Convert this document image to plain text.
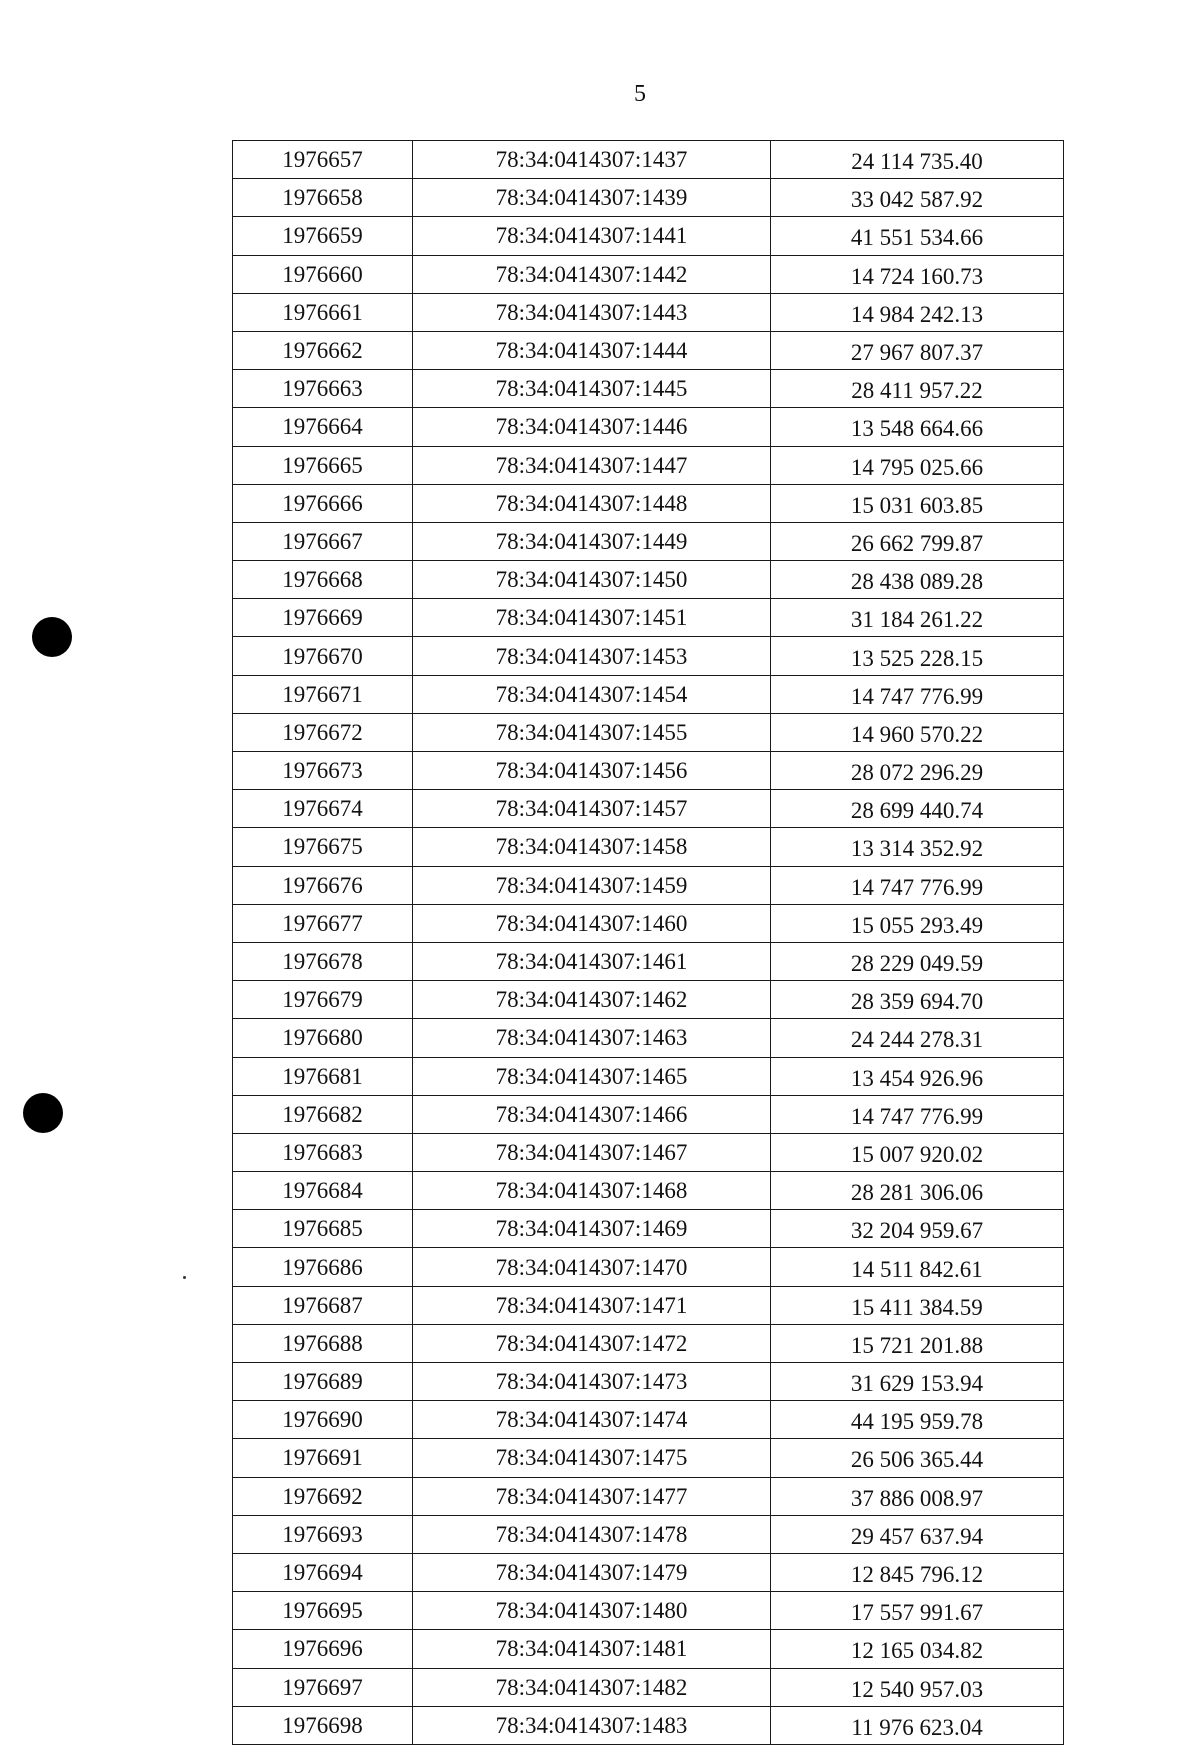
5
1976657	78:34:0414307:1437	24 114 735.40
1976658	78:34:0414307:1439	33 042 587.92
1976659	78:34:0414307:1441	41 551 534.66
1976660	78:34:0414307:1442	14 724 160.73
1976661	78:34:0414307:1443	14 984 242.13
1976662	78:34:0414307:1444	27 967 807.37
1976663	78:34:0414307:1445	28 411 957.22
1976664	78:34:0414307:1446	13 548 664.66
1976665	78:34:0414307:1447	14 795 025.66
1976666	78:34:0414307:1448	15 031 603.85
1976667	78:34:0414307:1449	26 662 799.87
1976668	78:34:0414307:1450	28 438 089.28
1976669	78:34:0414307:1451	31 184 261.22
1976670	78:34:0414307:1453	13 525 228.15
1976671	78:34:0414307:1454	14 747 776.99
1976672	78:34:0414307:1455	14 960 570.22
1976673	78:34:0414307:1456	28 072 296.29
1976674	78:34:0414307:1457	28 699 440.74
1976675	78:34:0414307:1458	13 314 352.92
1976676	78:34:0414307:1459	14 747 776.99
1976677	78:34:0414307:1460	15 055 293.49
1976678	78:34:0414307:1461	28 229 049.59
1976679	78:34:0414307:1462	28 359 694.70
1976680	78:34:0414307:1463	24 244 278.31
1976681	78:34:0414307:1465	13 454 926.96
1976682	78:34:0414307:1466	14 747 776.99
1976683	78:34:0414307:1467	15 007 920.02
1976684	78:34:0414307:1468	28 281 306.06
1976685	78:34:0414307:1469	32 204 959.67
1976686	78:34:0414307:1470	14 511 842.61
1976687	78:34:0414307:1471	15 411 384.59
1976688	78:34:0414307:1472	15 721 201.88
1976689	78:34:0414307:1473	31 629 153.94
1976690	78:34:0414307:1474	44 195 959.78
1976691	78:34:0414307:1475	26 506 365.44
1976692	78:34:0414307:1477	37 886 008.97
1976693	78:34:0414307:1478	29 457 637.94
1976694	78:34:0414307:1479	12 845 796.12
1976695	78:34:0414307:1480	17 557 991.67
1976696	78:34:0414307:1481	12 165 034.82
1976697	78:34:0414307:1482	12 540 957.03
1976698	78:34:0414307:1483	11 976 623.04
